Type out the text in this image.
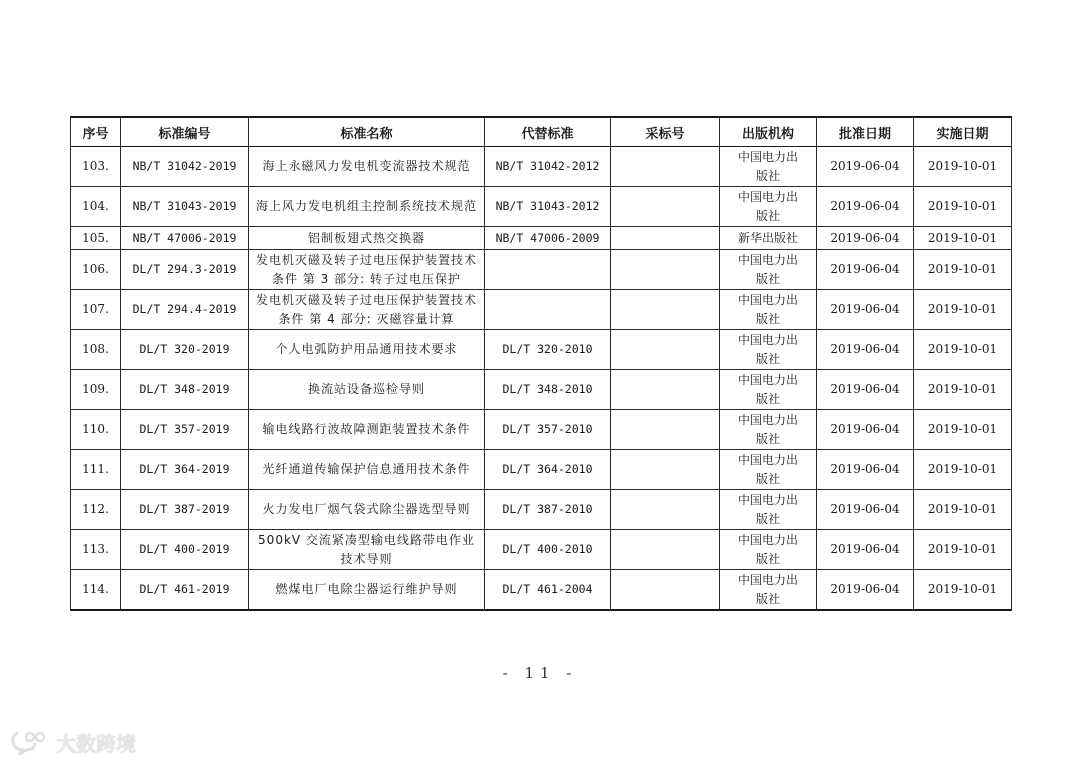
序号	标准编号	标准名称	代替标准	采标号	出版机构	批准日期	实施日期
103.	NB/T 31042-2019	海上永磁风力发电机变流器技术规范	NB/T 31042-2012		中国电力出版社	2019-06-04	2019-10-01
104.	NB/T 31043-2019	海上风力发电机组主控制系统技术规范	NB/T 31043-2012		中国电力出版社	2019-06-04	2019-10-01
105.	NB/T 47006-2019	铝制板翅式热交换器	NB/T 47006-2009		新华出版社	2019-06-04	2019-10-01
106.	DL/T 294.3-2019	发电机灭磁及转子过电压保护装置技术条件 第 3 部分: 转子过电压保护			中国电力出版社	2019-06-04	2019-10-01
107.	DL/T 294.4-2019	发电机灭磁及转子过电压保护装置技术条件 第 4 部分: 灭磁容量计算			中国电力出版社	2019-06-04	2019-10-01
108.	DL/T 320-2019	个人电弧防护用品通用技术要求	DL/T 320-2010		中国电力出版社	2019-06-04	2019-10-01
109.	DL/T 348-2019	换流站设备巡检导则	DL/T 348-2010		中国电力出版社	2019-06-04	2019-10-01
110.	DL/T 357-2019	输电线路行波故障测距装置技术条件	DL/T 357-2010		中国电力出版社	2019-06-04	2019-10-01
111.	DL/T 364-2019	光纤通道传输保护信息通用技术条件	DL/T 364-2010		中国电力出版社	2019-06-04	2019-10-01
112.	DL/T 387-2019	火力发电厂烟气袋式除尘器选型导则	DL/T 387-2010		中国电力出版社	2019-06-04	2019-10-01
113.	DL/T 400-2019	500kV 交流紧凑型输电线路带电作业技术导则	DL/T 400-2010		中国电力出版社	2019-06-04	2019-10-01
114.	DL/T 461-2019	燃煤电厂电除尘器运行维护导则	DL/T 461-2004		中国电力出版社	2019-06-04	2019-10-01
- 11 -
大数跨境
